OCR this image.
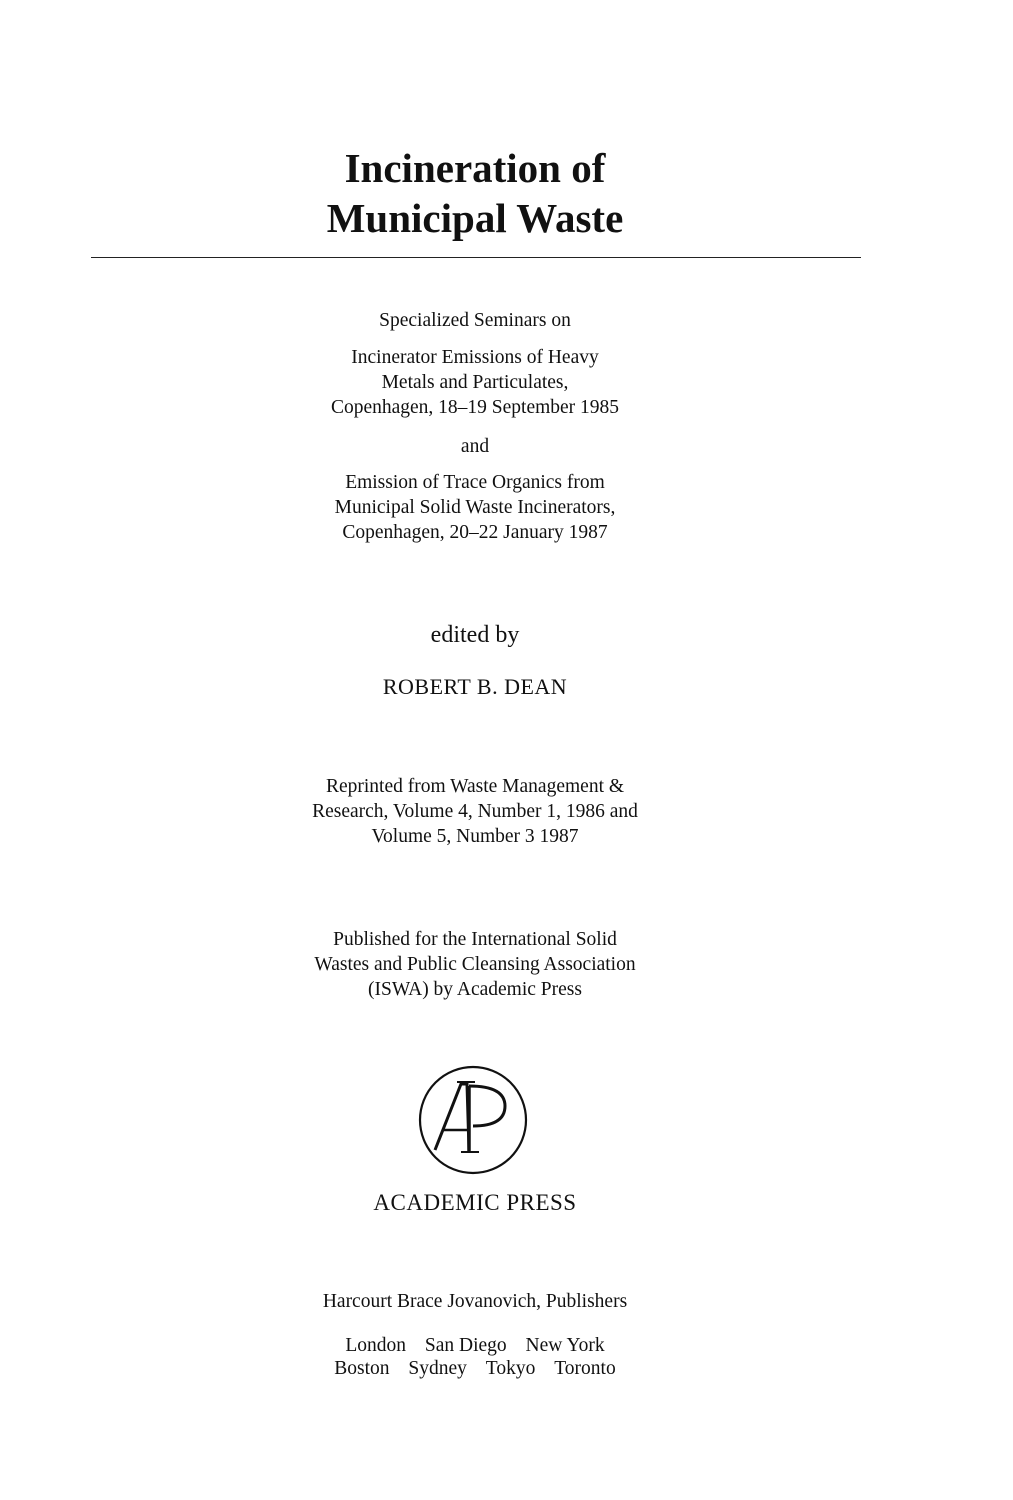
Incineration of
Municipal Waste
Specialized Seminars on
Incinerator Emissions of Heavy
Metals and Particulates,
Copenhagen, 18–19 September 1985
and
Emission of Trace Organics from
Municipal Solid Waste Incinerators,
Copenhagen, 20–22 January 1987
edited by
ROBERT B. DEAN
Reprinted from Waste Management &
Research, Volume 4, Number 1, 1986 and
Volume 5, Number 3 1987
Published for the International Solid
Wastes and Public Cleansing Association
(ISWA) by Academic Press
ACADEMIC PRESS
Harcourt Brace Jovanovich, Publishers
London San Diego New York
Boston Sydney Tokyo Toronto
